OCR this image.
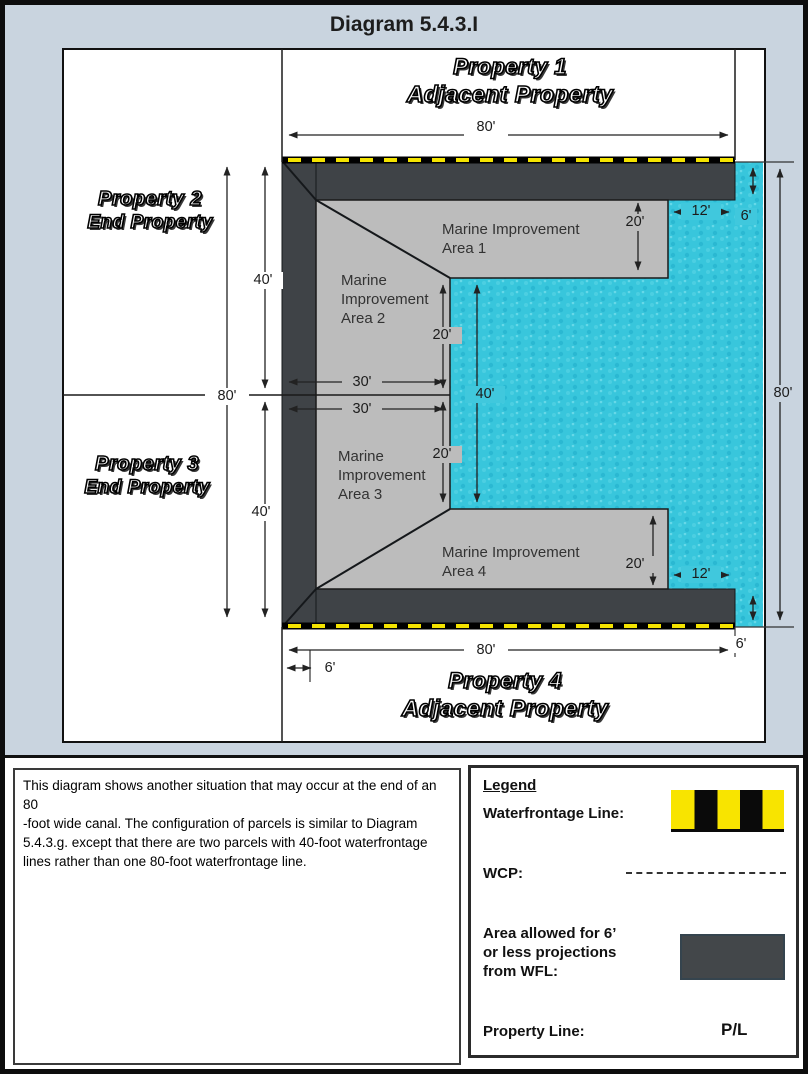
Diagram 5.4.3.I
80'
80'
80'
40'
40'
30'
30'
40'
20'
20'
20'
20'
12'	6'
12'
6'
80'
6'
Marine Improvement
Area 1
Marine
Improvement
Area 2
Marine
Improvement
Area 3
Marine Improvement
Area 4
Property 1
Adjacent Property
Property 2
End Property
Property 3
End Property
Property 4
Adjacent Property
This diagram shows another situation that may occur at the end of an 80
-foot wide canal. The configuration of parcels is similar to Diagram
5.4.3.g. except that there are two parcels with 40-foot waterfrontage
lines rather than one 80-foot waterfrontage line.
Legend
Waterfrontage Line:
WCP:
Area allowed for 6’
or less projections
from WFL:
Property Line:	P/L
